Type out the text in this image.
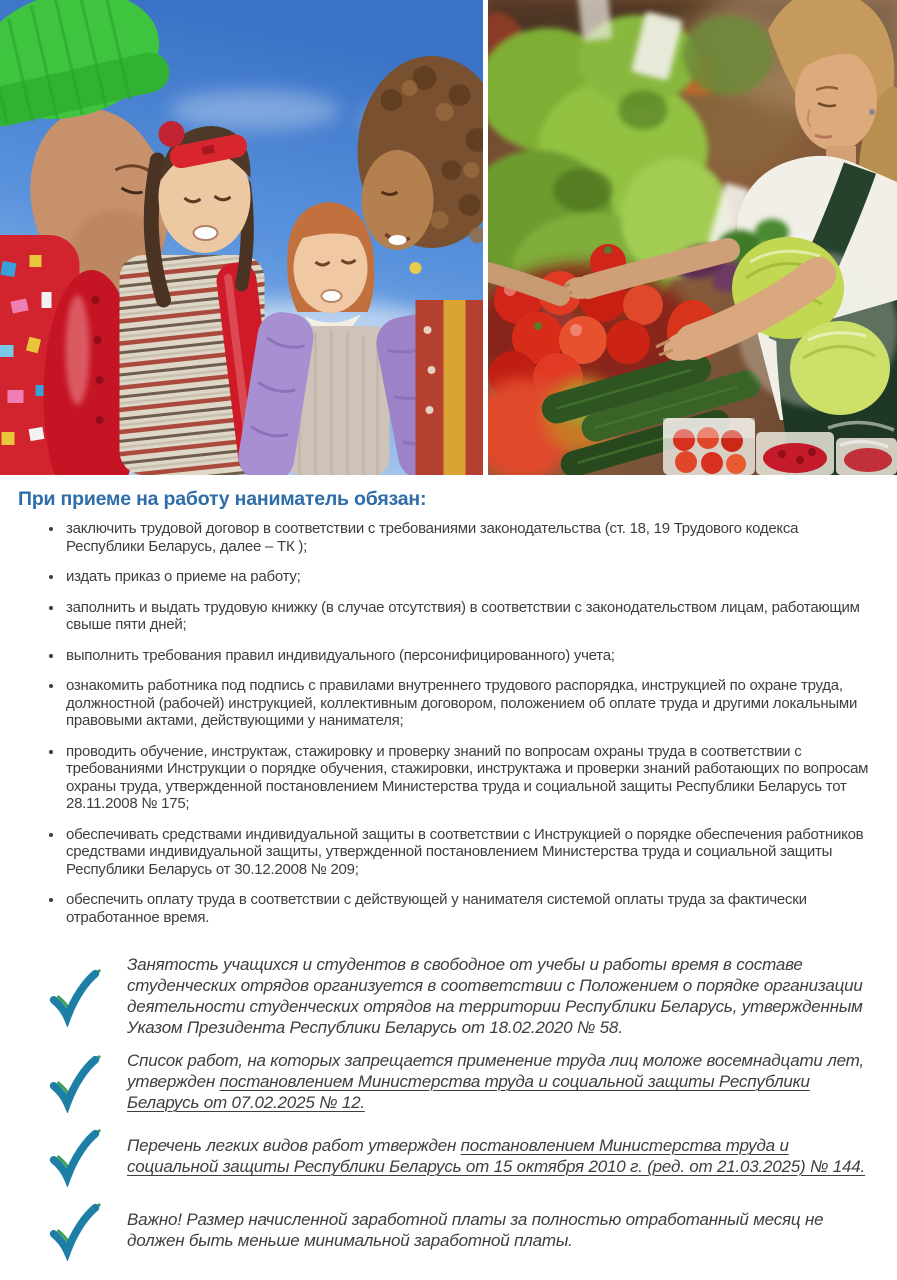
При приеме на работу наниматель обязан:
• заключить трудовой договор в соответствии с требованиями законодательства (ст. 18, 19 Трудового кодекса Республики Беларусь, далее – ТК );
• издать приказ о приеме на работу;
• заполнить и выдать трудовую книжку (в случае отсутствия) в соответствии с законодательством лицам, работающим свыше пяти дней;
• выполнить требования правил индивидуального (персонифицированного) учета;
• ознакомить работника под подпись с правилами внутреннего трудового распорядка, инструкцией по охране труда, должностной (рабочей) инструкцией, коллективным договором, положением об оплате труда и другими локальными правовыми актами, действующими у нанимателя;
• проводить обучение, инструктаж, стажировку и проверку знаний по вопросам охраны труда в соответствии с требованиями Инструкции о порядке обучения, стажировки, инструктажа и проверки знаний работающих по вопросам охраны труда, утвержденной постановлением Министерства труда и социальной защиты Республики Беларусь тот 28.11.2008 № 175;
• обеспечивать средствами индивидуальной защиты в соответствии с Инструкцией о порядке обеспечения работников средствами индивидуальной защиты, утвержденной постановлением Министерства труда и социальной защиты Республики Беларусь от 30.12.2008 № 209;
• обеспечить оплату труда в соответствии с действующей у нанимателя системой оплаты труда за фактически отработанное время.

Занятость учащихся и студентов в свободное от учебы и работы время в составе студенческих отрядов организуется в соответствии с Положением о порядке организации деятельности студенческих отрядов на территории Республики Беларусь, утвержденным Указом Президента Республики Беларусь от 18.02.2020 № 58.

Список работ, на которых запрещается применение труда лиц моложе восемнадцати лет, утвержден постановлением Министерства труда и социальной защиты Республики Беларусь от 07.02.2025 № 12.

Перечень легких видов работ утвержден постановлением Министерства труда и социальной защиты Республики Беларусь от 15 октября 2010 г. (ред. от 21.03.2025) № 144.

Важно! Размер начисленной заработной платы за полностью отработанный месяц не должен быть меньше минимальной заработной платы.
